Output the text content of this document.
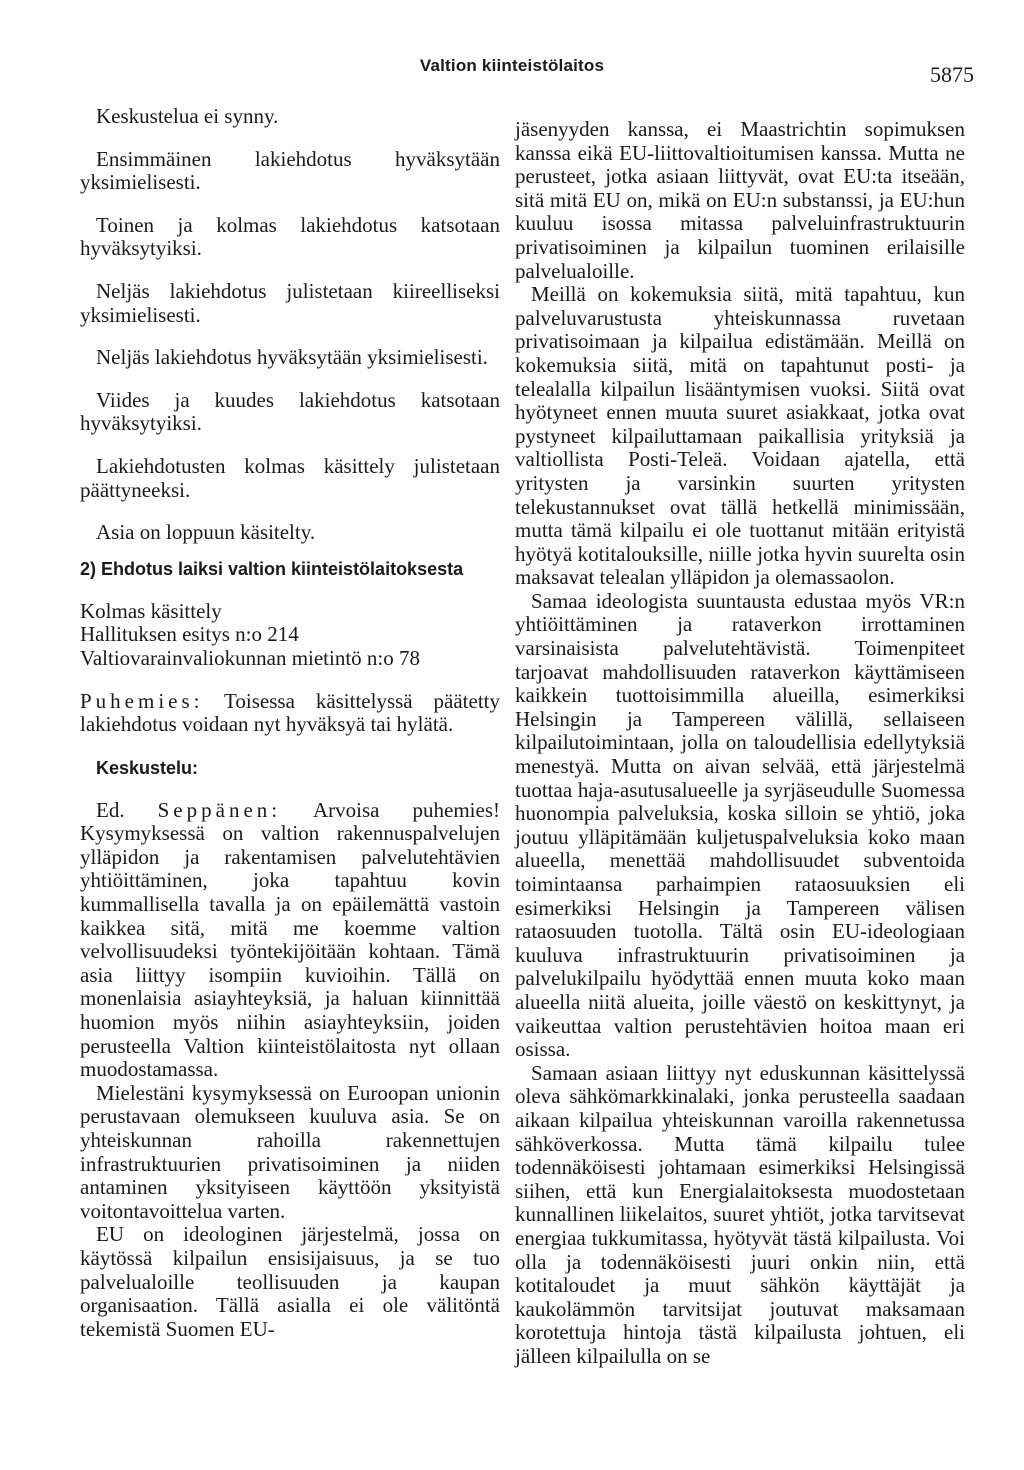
Valtion kiinteistölaitos	5875

Keskustelua ei synny.

Ensimmäinen lakiehdotus hyväksytään yksimielisesti.

Toinen ja kolmas lakiehdotus katsotaan hyväksytyiksi.

Neljäs lakiehdotus julistetaan kiireelliseksi yksimielisesti.

Neljäs lakiehdotus hyväksytään yksimielisesti.

Viides ja kuudes lakiehdotus katsotaan hyväksytyiksi.

Lakiehdotusten kolmas käsittely julistetaan päättyneeksi.

Asia on loppuun käsitelty.

2) Ehdotus laiksi valtion kiinteistölaitoksesta

Kolmas käsittely

Hallituksen esitys n:o 214

Valtiovarainvaliokunnan mietintö n:o 78

Puhemies: Toisessa käsittelyssä päätetty lakiehdotus voidaan nyt hyväksyä tai hylätä.

Keskustelu:

Ed. Seppänen: Arvoisa puhemies! Kysymyksessä on valtion rakennuspalvelujen ylläpidon ja rakentamisen palvelutehtävien yhtiöittäminen, joka tapahtuu kovin kummallisella tavalla ja on epäilemättä vastoin kaikkea sitä, mitä me koemme valtion velvollisuudeksi työntekijöitään kohtaan. Tämä asia liittyy isompiin kuvioihin. Tällä on monenlaisia asiayhteyksiä, ja haluan kiinnittää huomion myös niihin asiayhteyksiin, joiden perusteella Valtion kiinteistölaitosta nyt ollaan muodostamassa.

Mielestäni kysymyksessä on Euroopan unionin perustavaan olemukseen kuuluva asia. Se on yhteiskunnan rahoilla rakennettujen infrastruktuurien privatisoiminen ja niiden antaminen yksityiseen käyttöön yksityistä voitontavoittelua varten.

EU on ideologinen järjestelmä, jossa on käytössä kilpailun ensisijaisuus, ja se tuo palvelualoille teollisuuden ja kaupan organisaation. Tällä asialla ei ole välitöntä tekemistä Suomen EU-

jäsenyyden kanssa, ei Maastrichtin sopimuksen kanssa eikä EU-liittovaltioitumisen kanssa. Mutta ne perusteet, jotka asiaan liittyvät, ovat EU:ta itseään, sitä mitä EU on, mikä on EU:n substanssi, ja EU:hun kuuluu isossa mitassa palveluinfrastruktuurin privatisoiminen ja kilpailun tuominen erilaisille palvelualoille.

Meillä on kokemuksia siitä, mitä tapahtuu, kun palveluvarustusta yhteiskunnassa ruvetaan privatisoimaan ja kilpailua edistämään. Meillä on kokemuksia siitä, mitä on tapahtunut posti- ja telealalla kilpailun lisääntymisen vuoksi. Siitä ovat hyötyneet ennen muuta suuret asiakkaat, jotka ovat pystyneet kilpailuttamaan paikallisia yrityksiä ja valtiollista Posti-Teleä. Voidaan ajatella, että yritysten ja varsinkin suurten yritysten telekustannukset ovat tällä hetkellä minimissään, mutta tämä kilpailu ei ole tuottanut mitään erityistä hyötyä kotitalouksille, niille jotka hyvin suurelta osin maksavat telealan ylläpidon ja olemassaolon.

Samaa ideologista suuntausta edustaa myös VR:n yhtiöittäminen ja rataverkon irrottaminen varsinaisista palvelutehtävistä. Toimenpiteet tarjoavat mahdollisuuden rataverkon käyttämiseen kaikkein tuottoisimmilla alueilla, esimerkiksi Helsingin ja Tampereen välillä, sellaiseen kilpailutoimintaan, jolla on taloudellisia edellytyksiä menestyä. Mutta on aivan selvää, että järjestelmä tuottaa haja-asutusalueelle ja syrjäseudulle Suomessa huonompia palveluksia, koska silloin se yhtiö, joka joutuu ylläpitämään kuljetuspalveluksia koko maan alueella, menettää mahdollisuudet subventoida toimintaansa parhaimpien rataosuuksien eli esimerkiksi Helsingin ja Tampereen välisen rataosuuden tuotolla. Tältä osin EU-ideologiaan kuuluva infrastruktuurin privatisoiminen ja palvelukilpailu hyödyttää ennen muuta koko maan alueella niitä alueita, joille väestö on keskittynyt, ja vaikeuttaa valtion perustehtävien hoitoa maan eri osissa.

Samaan asiaan liittyy nyt eduskunnan käsittelyssä oleva sähkömarkkinalaki, jonka perusteella saadaan aikaan kilpailua yhteiskunnan varoilla rakennetussa sähköverkossa. Mutta tämä kilpailu tulee todennäköisesti johtamaan esimerkiksi Helsingissä siihen, että kun Energialaitoksesta muodostetaan kunnallinen liikelaitos, suuret yhtiöt, jotka tarvitsevat energiaa tukkumitassa, hyötyvät tästä kilpailusta. Voi olla ja todennäköisesti juuri onkin niin, että kotitaloudet ja muut sähkön käyttäjät ja kaukolämmön tarvitsijat joutuvat maksamaan korotettuja hintoja tästä kilpailusta johtuen, eli jälleen kilpailulla on se
